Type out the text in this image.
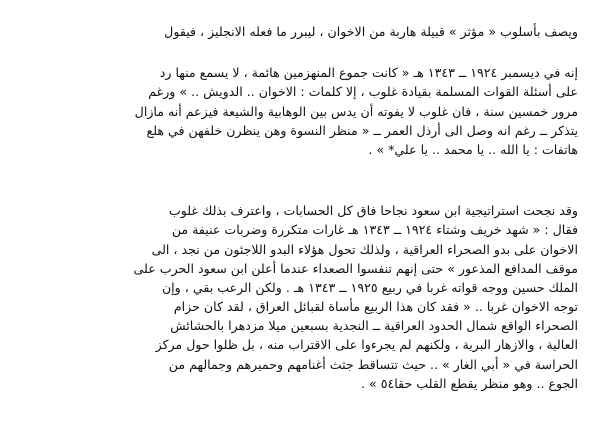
ويصف بأسلوب « مؤثر » قبيلة هاربة من الاخوان ، ليبرر ما فعله الانجليز ، فيقول
إنه في ديسمبر ١٩٢٤ ــ ١٣٤٣ هـ « كانت جموع المنهزمين هائمة ، لا يسمع منها رد
على أسئلة القوات المسلمة بقيادة غلوب ، إلا كلمات : الاخوان .. الدويش .. » ورغم
مرور خمسين سنة ، فان غلوب لا يفوته أن يدس بين الوهابية والشيعة فيزعم أنه مازال
يتذكر ــ رغم انه وصل الى أرذل العمر ــ « منظر النسوة وهن ينظرن خلفهن في هلع
هاتفات : يا الله .. يا محمد .. يا علي* » .
وقد نجحت استراتيجية ابن سعود نجاحا فاق كل الحسابات ، واعترف بذلك غلوب
فقال : « شهد خريف وشتاء ١٩٢٤ ــ ١٣٤٣ هـ غارات متكررة وضربات عنيفة من
الاخوان على بدو الصحراء العراقية ، ولذلك تحول هؤلاء البدو اللاجئون من نجد ، الى
موقف المدافع المذعور » حتى إنهم تنفسوا الصعداء عندما أعلن ابن سعود الحرب على
الملك حسين ووجه قواته غربا في ربيع ١٩٢٥ ــ ١٣٤٣ هـ . ولكن الرعب بقي ، وإن
توجه الاخوان غربا .. « فقد كان هذا الربيع مأساة لقبائل العراق ، لقد كان حزام
الصحراء الواقع شمال الحدود العراقية ــ النجدية بسبعين ميلا مزدهرا بالحشائش
العالية ، والازهار البرية ، ولكنهم لم يجرءوا على الاقتراب منه ، بل ظلوا حول مركز
الحراسة في « أبي الغار » .. حيث تتساقط جثث أغنامهم وحميرهم وجمالهم من
الجوع .. وهو منظر يقطع القلب حقا٥٤ » .
